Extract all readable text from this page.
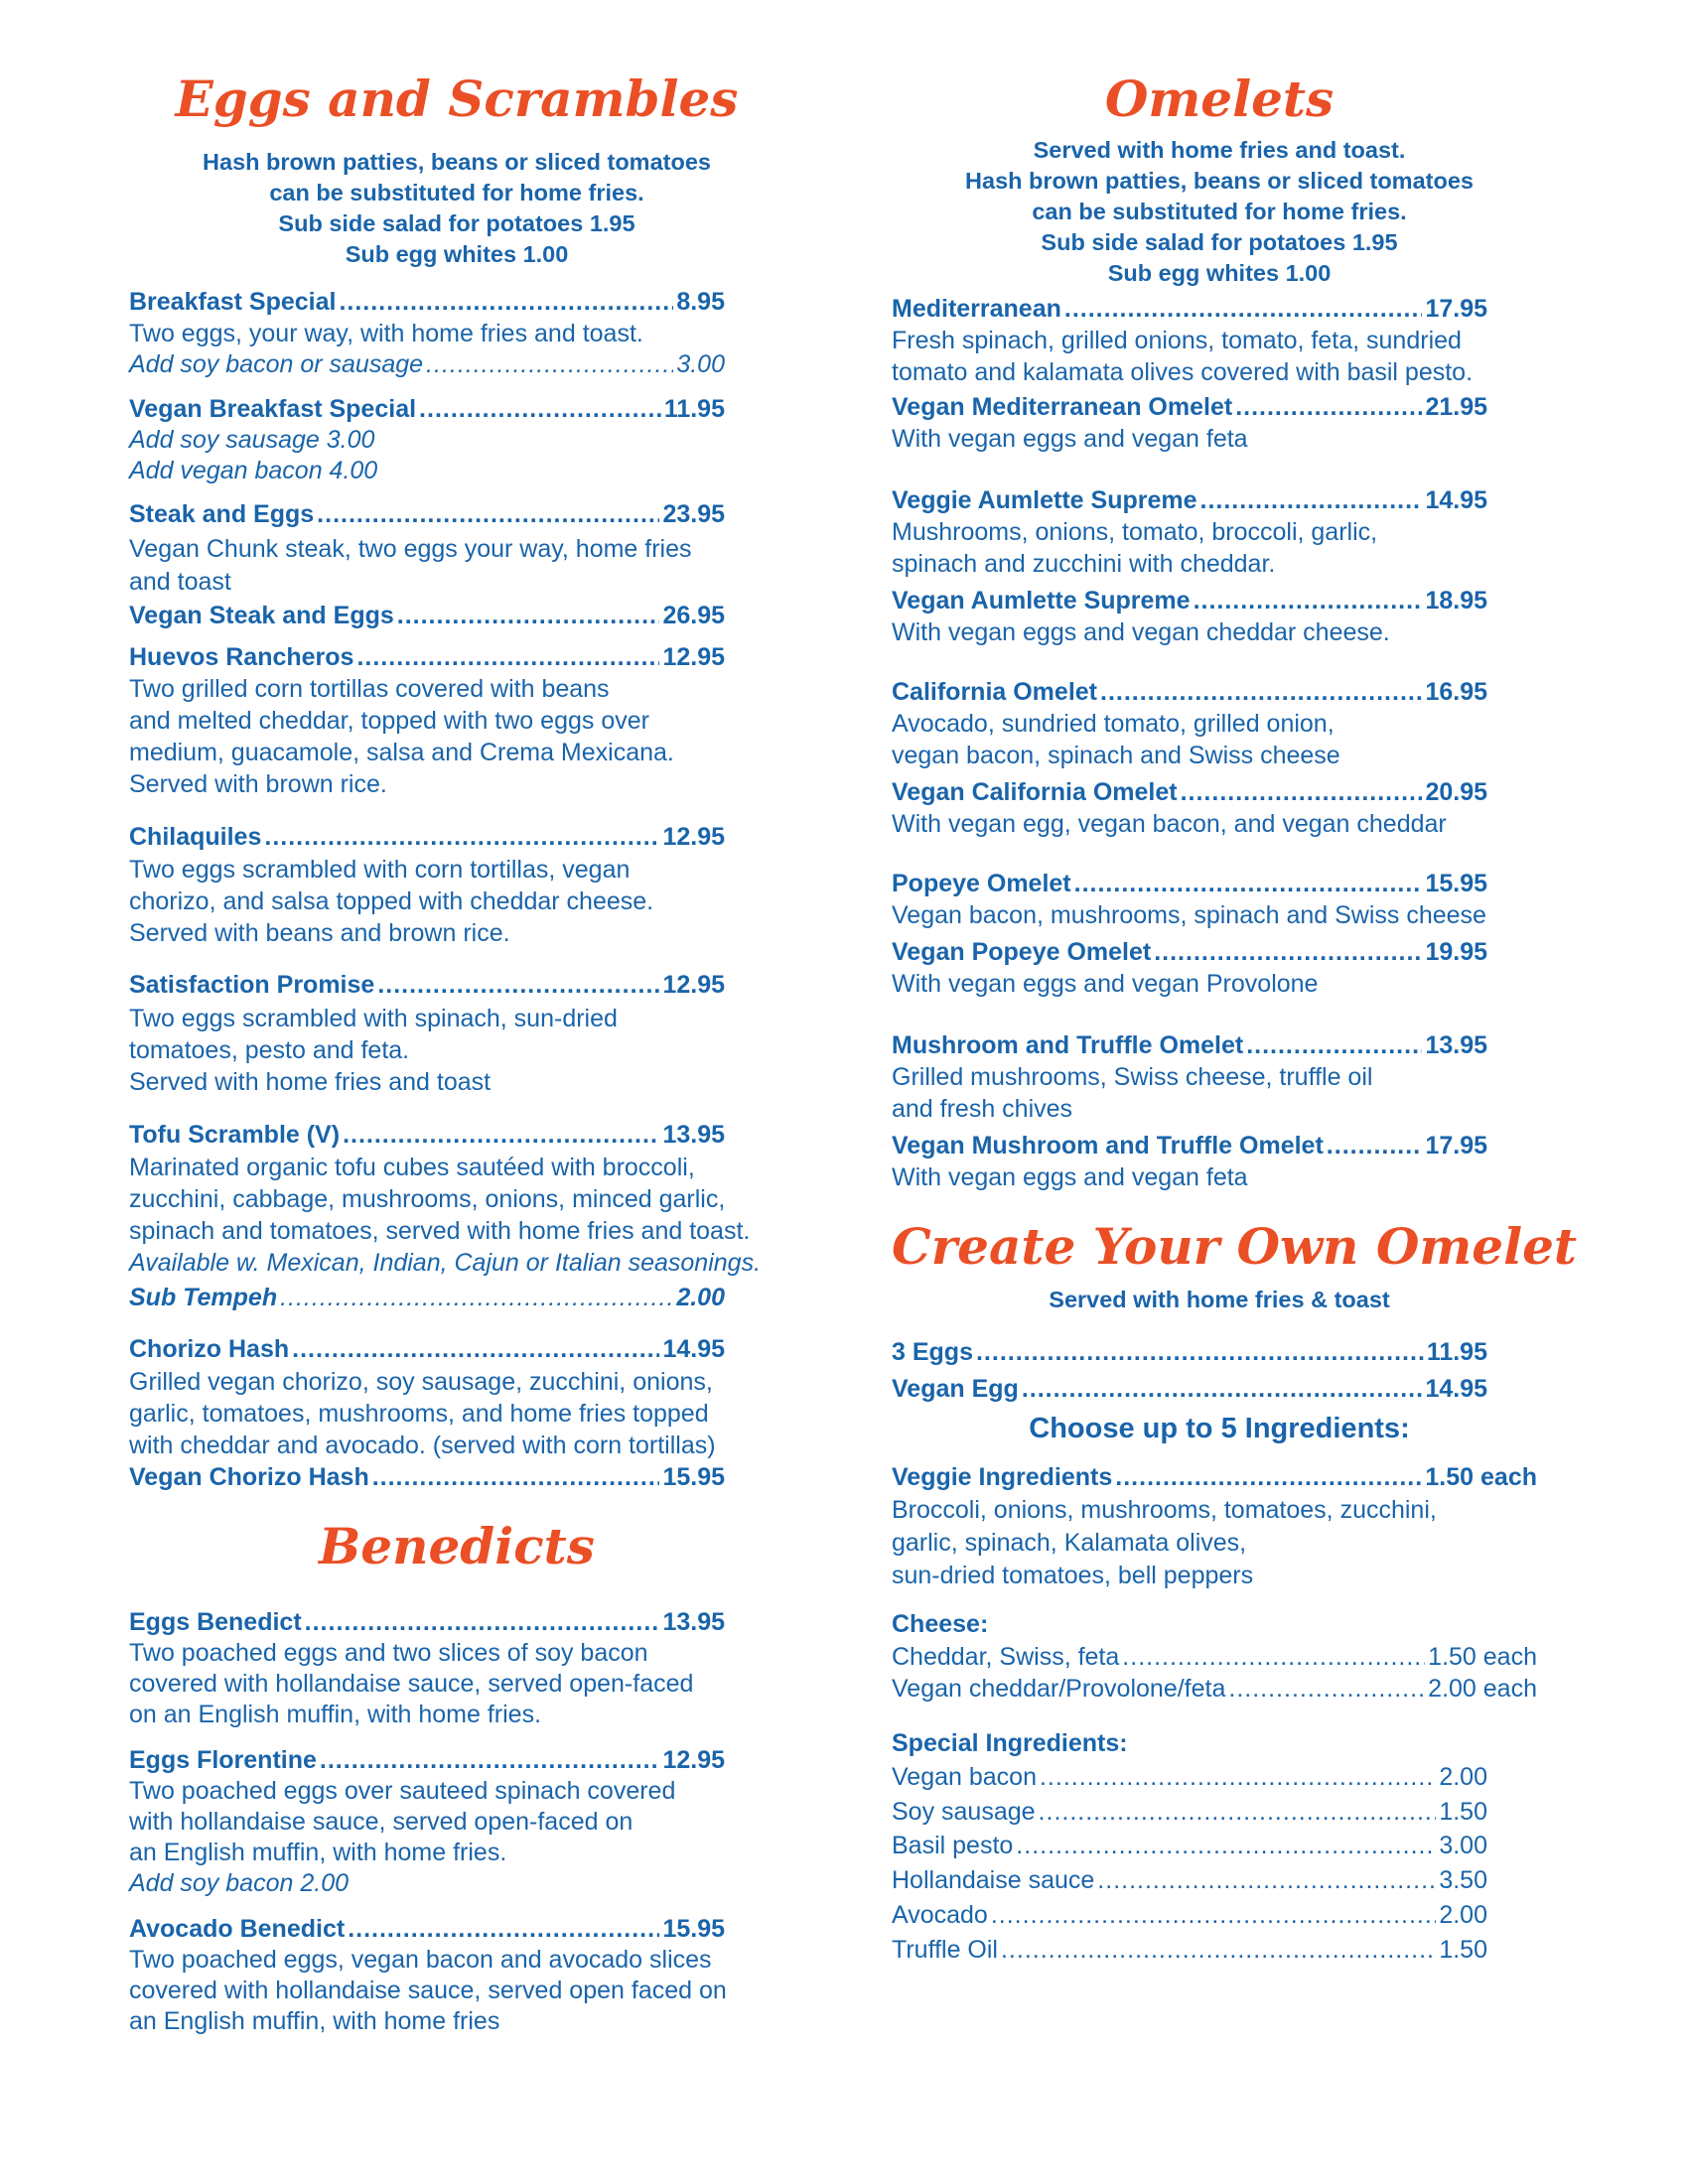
Eggs and Scrambles

Hash brown patties, beans or sliced tomatoes

can be substituted for home fries.

Sub side salad for potatoes 1.95

Sub egg whites 1.00

Breakfast Special .....	8.95

Two eggs, your way, with home fries and toast.

Add soy bacon or sausage .....	3.00
Vegan Breakfast Special .....	11.95

Add soy sausage 3.00

Add vegan bacon 4.00

Steak and Eggs .....	23.95

Vegan Chunk steak, two eggs your way, home fries

and toast

Vegan Steak and Eggs .....	26.95
Huevos Rancheros .....	12.95

Two grilled corn tortillas covered with beans

and melted cheddar, topped with two eggs over

medium, guacamole, salsa and Crema Mexicana.

Served with brown rice.

Chilaquiles .....	12.95

Two eggs scrambled with corn tortillas, vegan

chorizo, and salsa topped with cheddar cheese.

Served with beans and brown rice.

Satisfaction Promise .....	12.95

Two eggs scrambled with spinach, sun-dried

tomatoes, pesto and feta.

Served with home fries and toast

Tofu Scramble (V) .....	13.95

Marinated organic tofu cubes sautéed with broccoli,

zucchini, cabbage, mushrooms, onions, minced garlic,

spinach and tomatoes, served with home fries and toast.

Available w. Mexican, Indian, Cajun or Italian seasonings.

Sub Tempeh .....	2.00
Chorizo Hash .....	14.95

Grilled vegan chorizo, soy sausage, zucchini, onions,

garlic, tomatoes, mushrooms, and home fries topped

with cheddar and avocado. (served with corn tortillas)

Vegan Chorizo Hash .....	15.95
Benedicts
Eggs Benedict .....	13.95

Two poached eggs and two slices of soy bacon

covered with hollandaise sauce, served open-faced

on an English muffin, with home fries.

Eggs Florentine .....	12.95

Two poached eggs over sauteed spinach covered

with hollandaise sauce, served open-faced on

an English muffin, with home fries.

Add soy bacon 2.00

Avocado Benedict .....	15.95

Two poached eggs, vegan bacon and avocado slices

covered with hollandaise sauce, served open faced on

an English muffin, with home fries

Omelets

Served with home fries and toast.

Hash brown patties, beans or sliced tomatoes

can be substituted for home fries.

Sub side salad for potatoes 1.95

Sub egg whites 1.00

Mediterranean .....	17.95

Fresh spinach, grilled onions, tomato, feta, sundried

tomato and kalamata olives covered with basil pesto.

Vegan Mediterranean Omelet .....	21.95

With vegan eggs and vegan feta

Veggie Aumlette Supreme .....	14.95

Mushrooms, onions, tomato, broccoli, garlic,

spinach and zucchini with cheddar.

Vegan Aumlette Supreme .....	18.95

With vegan eggs and vegan cheddar cheese.

California Omelet .....	16.95

Avocado, sundried tomato, grilled onion,

vegan bacon, spinach and Swiss cheese

Vegan California Omelet .....	20.95

With vegan egg, vegan bacon, and vegan cheddar

Popeye Omelet .....	15.95

Vegan bacon, mushrooms, spinach and Swiss cheese

Vegan Popeye Omelet .....	19.95

With vegan eggs and vegan Provolone

Mushroom and Truffle Omelet .....	13.95

Grilled mushrooms, Swiss cheese, truffle oil

and fresh chives

Vegan Mushroom and Truffle Omelet .....	17.95

With vegan eggs and vegan feta

Create Your Own Omelet

Served with home fries & toast

3 Eggs .....	11.95
Vegan Egg .....	14.95

Choose up to 5 Ingredients:

Veggie Ingredients .....	1.50 each

Broccoli, onions, mushrooms, tomatoes, zucchini,

garlic, spinach, Kalamata olives,

sun-dried tomatoes, bell peppers

Cheese:

Cheddar, Swiss, feta .....	1.50 each
Vegan cheddar/Provolone/feta .....	2.00 each

Special Ingredients:

Vegan bacon .....	2.00
Soy sausage .....	1.50
Basil pesto .....	3.00
Hollandaise sauce .....	3.50
Avocado .....	2.00
Truffle Oil .....	1.50
